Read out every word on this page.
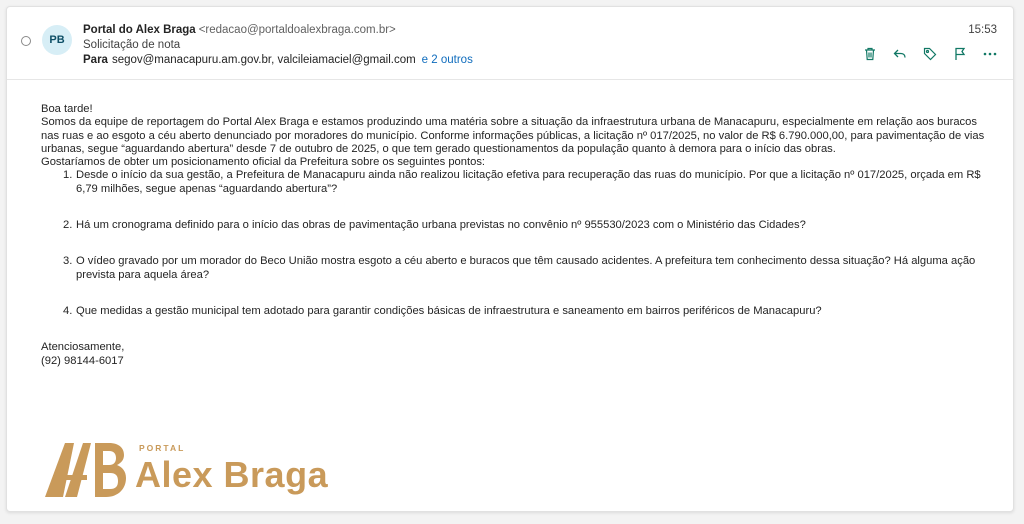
PB
Portal do Alex Braga <redacao@portaldoalexbraga.com.br>
Solicitação de nota
Para segov@manacapuru.am.gov.br, valcileiamaciel@gmail.com e 2 outros
15:53

Boa tarde!

Somos da equipe de reportagem do Portal Alex Braga e estamos produzindo uma matéria sobre a situação da infraestrutura urbana de Manacapuru, especialmente em relação aos buracos nas ruas e ao esgoto a céu aberto denunciado por moradores do município. Conforme informações públicas, a licitação nº 017/2025, no valor de R$ 6.790.000,00, para pavimentação de vias urbanas, segue “aguardando abertura” desde 7 de outubro de 2025, o que tem gerado questionamentos da população quanto à demora para o início das obras.

Gostaríamos de obter um posicionamento oficial da Prefeitura sobre os seguintes pontos:

1. Desde o início da sua gestão, a Prefeitura de Manacapuru ainda não realizou licitação efetiva para recuperação das ruas do município. Por que a licitação nº 017/2025, orçada em R$ 6,79 milhões, segue apenas “aguardando abertura”?
2. Há um cronograma definido para o início das obras de pavimentação urbana previstas no convênio nº 955530/2023 com o Ministério das Cidades?
3. O vídeo gravado por um morador do Beco União mostra esgoto a céu aberto e buracos que têm causado acidentes. A prefeitura tem conhecimento dessa situação? Há alguma ação prevista para aquela área?
4. Que medidas a gestão municipal tem adotado para garantir condições básicas de infraestrutura e saneamento em bairros periféricos de Manacapuru?

Atenciosamente,

(92) 98144-6017

PORTAL
Alex Braga
